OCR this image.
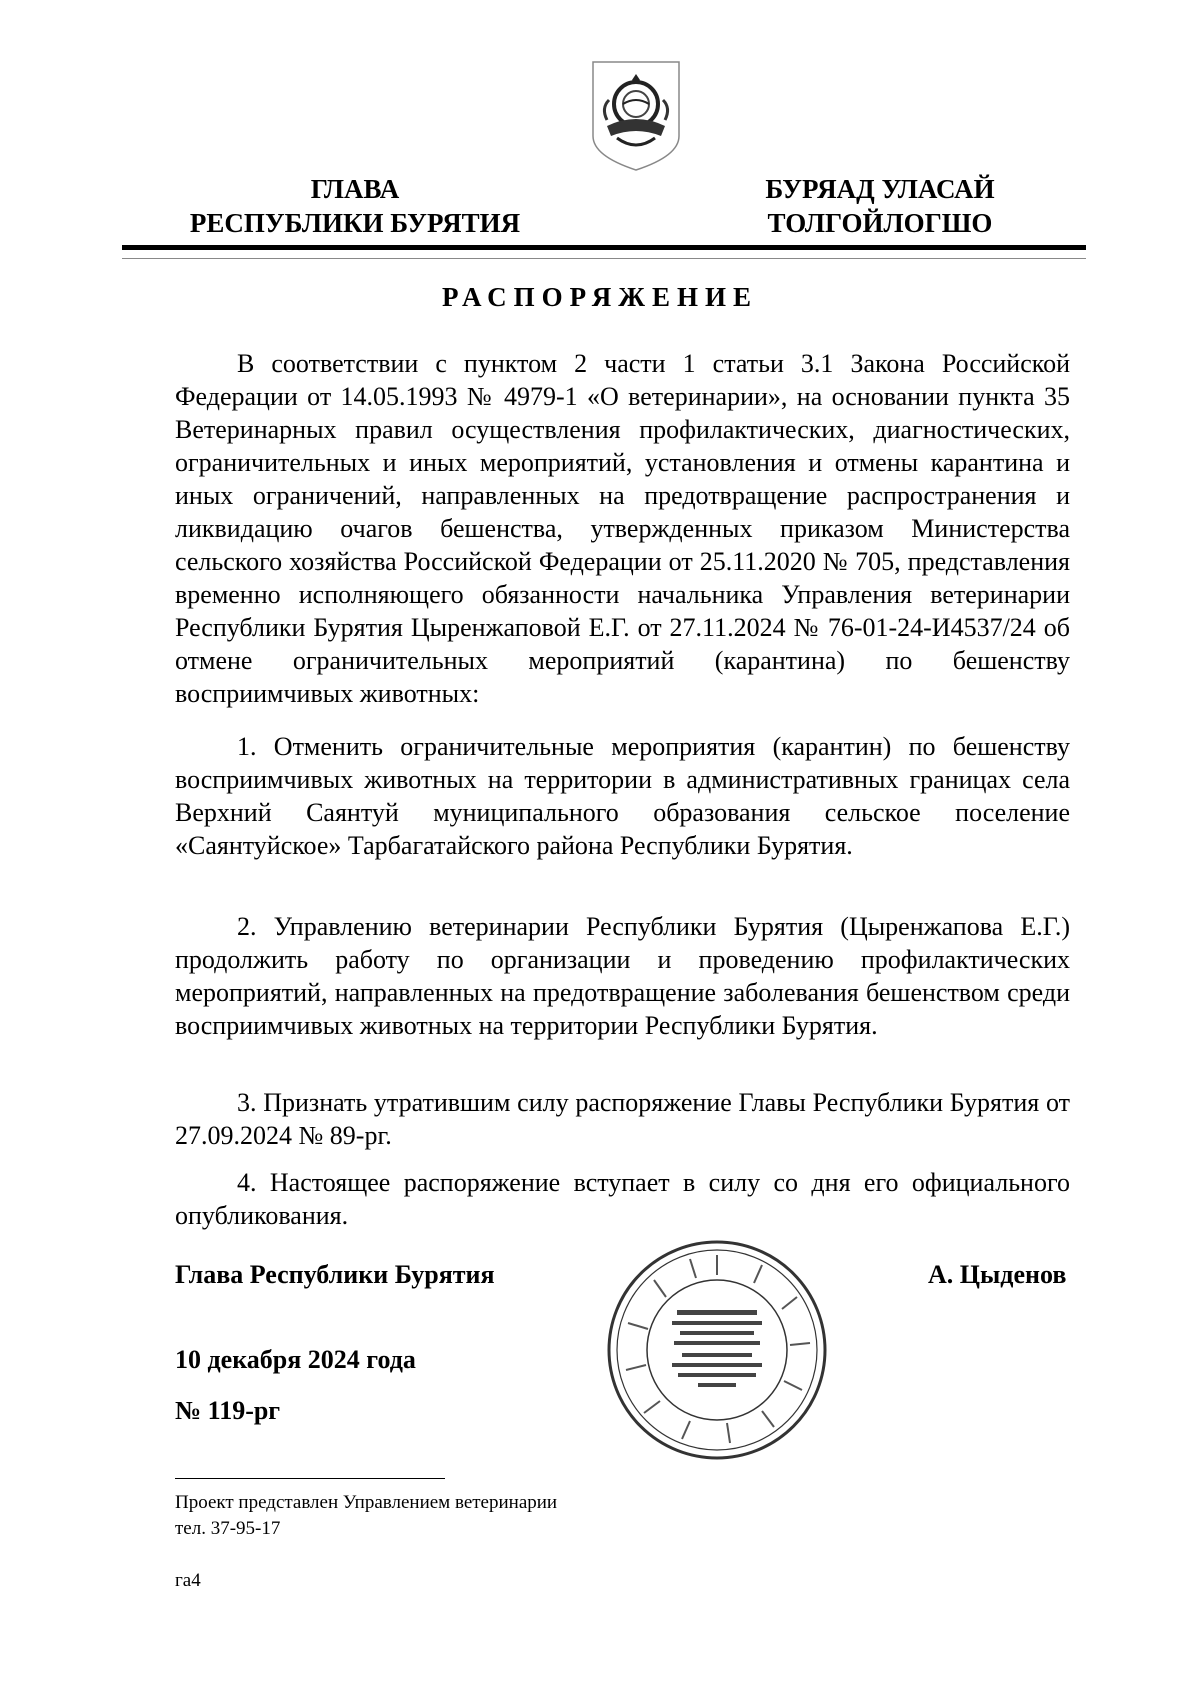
ГЛАВА
РЕСПУБЛИКИ БУРЯТИЯ
БУРЯАД УЛАСАЙ
ТОЛГОЙЛОГШО
РАСПОРЯЖЕНИЕ

В соответствии с пунктом 2 части 1 статьи 3.1 Закона Российской Федерации от 14.05.1993 № 4979-1 «О ветеринарии», на основании пункта 35 Ветеринарных правил осуществления профилактических, диагностических, ограничительных и иных мероприятий, установления и отмены карантина и иных ограничений, направленных на предотвращение распространения и ликвидацию очагов бешенства, утвержденных приказом Министерства сельского хозяйства Российской Федерации от 25.11.2020 № 705, представления временно исполняющего обязанности начальника Управления ветеринарии Республики Бурятия Цыренжаповой Е.Г. от 27.11.2024 № 76-01-24-И4537/24 об отмене ограничительных мероприятий (карантина) по бешенству восприимчивых животных:

1. Отменить ограничительные мероприятия (карантин) по бешенству восприимчивых животных на территории в административных границах села Верхний Саянтуй муниципального образования сельское поселение «Саянтуйское» Тарбагатайского района Республики Бурятия.

2. Управлению ветеринарии Республики Бурятия (Цыренжапова Е.Г.) продолжить работу по организации и проведению профилактических мероприятий, направленных на предотвращение заболевания бешенством среди восприимчивых животных на территории Республики Бурятия.

3. Признать утратившим силу распоряжение Главы Республики Бурятия от 27.09.2024 № 89-рг.

4. Настоящее распоряжение вступает в силу со дня его официального опубликования.

Глава Республики Бурятия	А. Цыденов
10 декабря 2024 года
№ 119-рг
Проект представлен Управлением ветеринарии
тел. 37-95-17
га4
